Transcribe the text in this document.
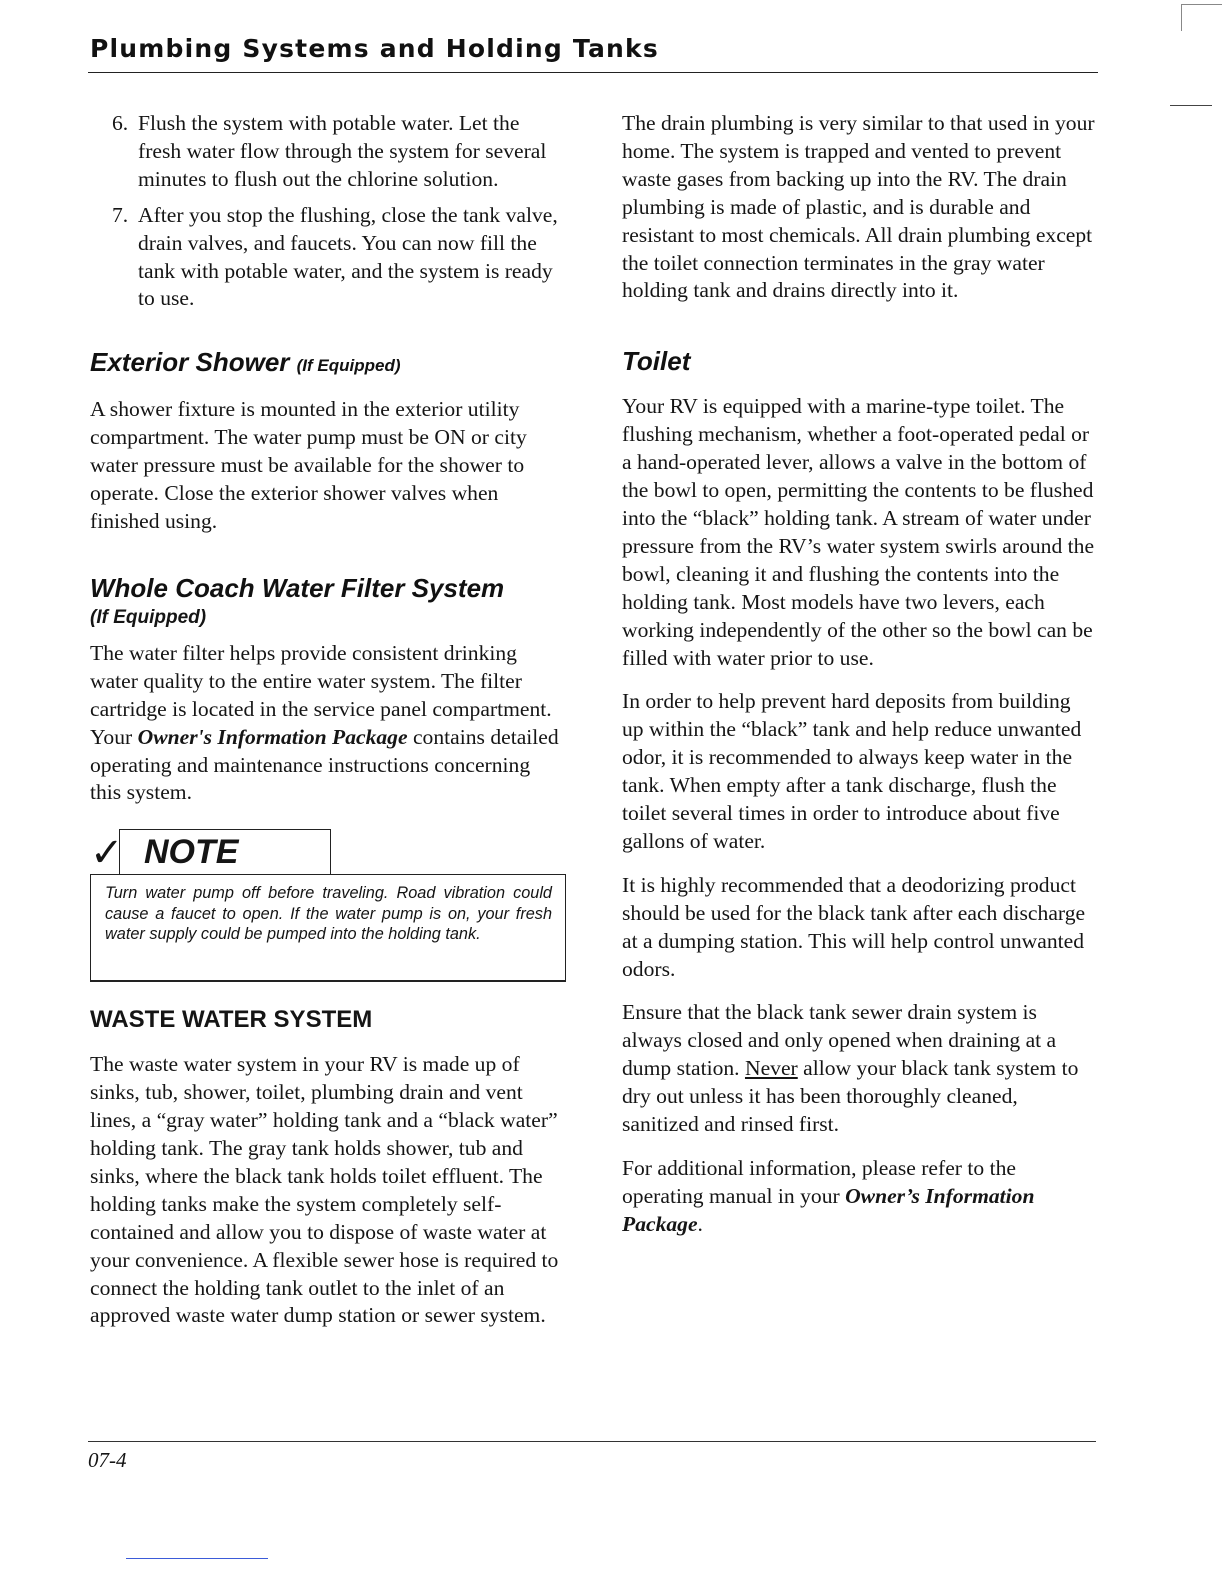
Plumbing Systems and Holding Tanks
6. Flush the system with potable water. Let the fresh water flow through the system for several minutes to flush out the chlorine solution.
7. After you stop the flushing, close the tank valve, drain valves, and faucets. You can now fill the tank with potable water, and the system is ready to use.
Exterior Shower (If Equipped)

A shower fixture is mounted in the exterior utility compartment. The water pump must be ON or city water pressure must be available for the shower to operate. Close the exterior shower valves when finished using.

Whole Coach Water Filter System
(If Equipped)

The water filter helps provide consistent drinking water quality to the entire water system. The filter cartridge is located in the service panel compartment. Your Owner's Information Package contains detailed operating and maintenance instructions concerning this system.

✓ NOTE

Turn water pump off before traveling. Road vibration could cause a faucet to open. If the water pump is on, your fresh water supply could be pumped into the holding tank.

WASTE WATER SYSTEM

The waste water system in your RV is made up of sinks, tub, shower, toilet, plumbing drain and vent lines, a “gray water” holding tank and a “black water” holding tank. The gray tank holds shower, tub and sinks, where the black tank holds toilet effluent. The holding tanks make the system completely self-contained and allow you to dispose of waste water at your convenience. A flexible sewer hose is required to connect the holding tank outlet to the inlet of an approved waste water dump station or sewer system.

The drain plumbing is very similar to that used in your home. The system is trapped and vented to prevent waste gases from backing up into the RV. The drain plumbing is made of plastic, and is durable and resistant to most chemicals. All drain plumbing except the toilet connection terminates in the gray water holding tank and drains directly into it.

Toilet

Your RV is equipped with a marine-type toilet. The flushing mechanism, whether a foot-operated pedal or a hand-operated lever, allows a valve in the bottom of the bowl to open, permitting the contents to be flushed into the “black” holding tank. A stream of water under pressure from the RV’s water system swirls around the bowl, cleaning it and flushing the contents into the holding tank. Most models have two levers, each working independently of the other so the bowl can be filled with water prior to use.

In order to help prevent hard deposits from building up within the “black” tank and help reduce unwanted odor, it is recommended to always keep water in the tank. When empty after a tank discharge, flush the toilet several times in order to introduce about five gallons of water.

It is highly recommended that a deodorizing product should be used for the black tank after each discharge at a dumping station. This will help control unwanted odors.

Ensure that the black tank sewer drain system is always closed and only opened when draining at a dump station. Never allow your black tank system to dry out unless it has been thoroughly cleaned, sanitized and rinsed first.

For additional information, please refer to the operating manual in your Owner’s Information Package.

07-4
